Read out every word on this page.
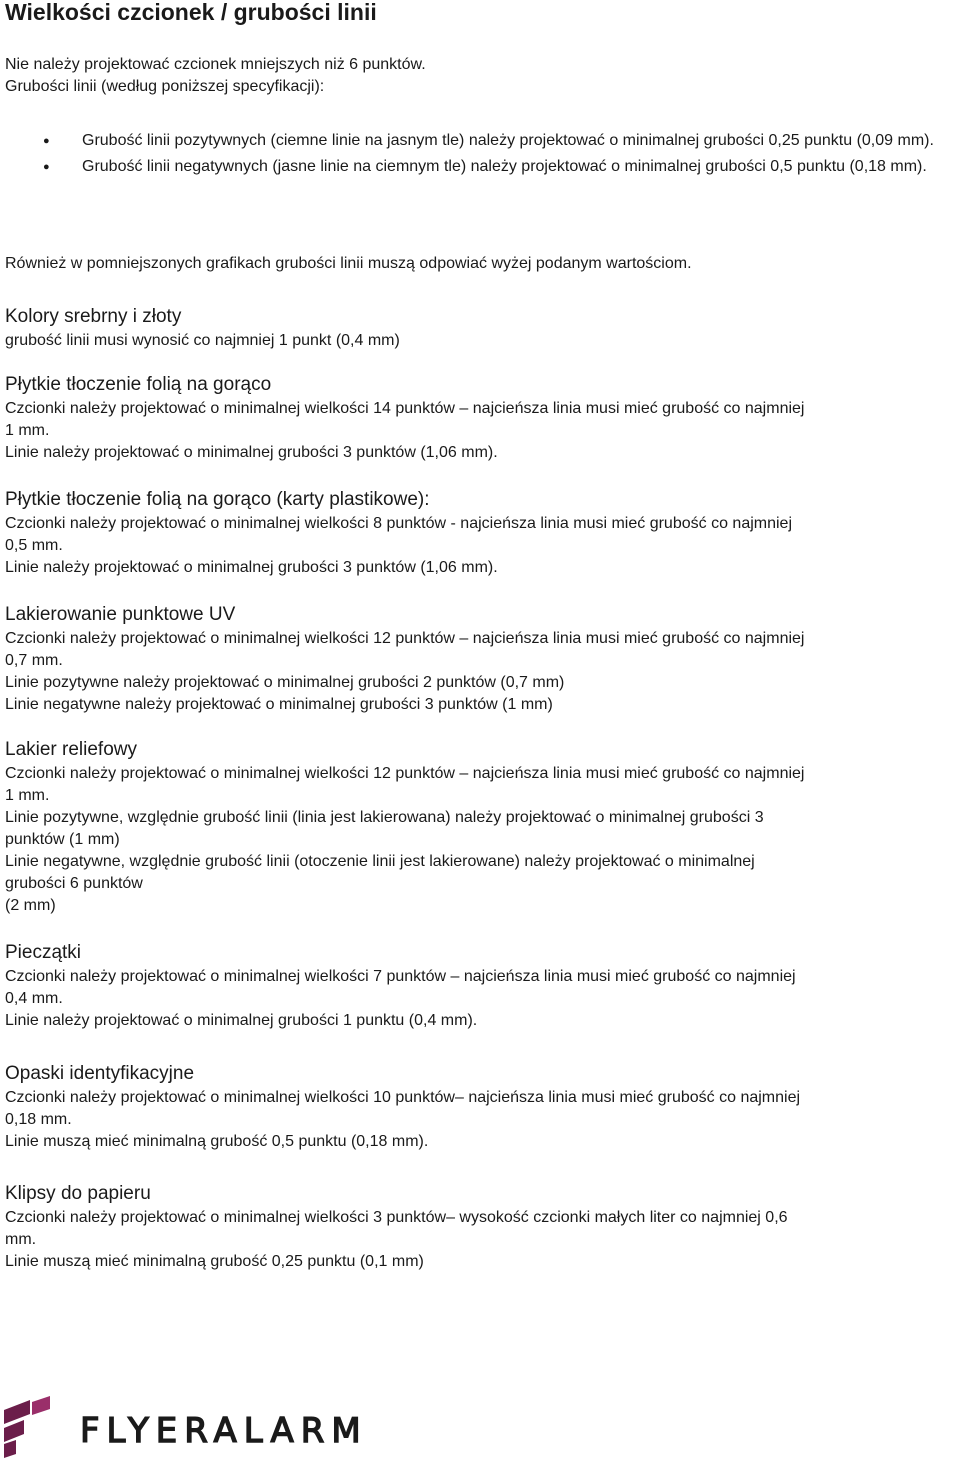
Wielkości czcionek / grubości linii

Nie należy projektować czcionek mniejszych niż 6 punktów.

Grubości linii (według poniższej specyfikacji):

● Grubość linii pozytywnych (ciemne linie na jasnym tle) należy projektować o minimalnej grubości 0,25 punktu (0,09 mm).
● Grubość linii negatywnych (jasne linie na ciemnym tle) należy projektować o minimalnej grubości 0,5 punktu (0,18 mm).

Również w pomniejszonych grafikach grubości linii muszą odpowiać wyżej podanym wartościom.

Kolory srebrny i złoty

grubość linii musi wynosić co najmniej 1 punkt (0,4 mm)

Płytkie tłoczenie folią na gorąco

Czcionki należy projektować o minimalnej wielkości 14 punktów – najcieńsza linia musi mieć grubość co najmniej

1 mm.

Linie należy projektować o minimalnej grubości 3 punktów (1,06 mm).

Płytkie tłoczenie folią na gorąco (karty plastikowe):

Czcionki należy projektować o minimalnej wielkości 8 punktów - najcieńsza linia musi mieć grubość co najmniej

0,5 mm.

Linie należy projektować o minimalnej grubości 3 punktów (1,06 mm).

Lakierowanie punktowe UV

Czcionki należy projektować o minimalnej wielkości 12 punktów – najcieńsza linia musi mieć grubość co najmniej

0,7 mm.

Linie pozytywne należy projektować o minimalnej grubości 2 punktów (0,7 mm)

Linie negatywne należy projektować o minimalnej grubości 3 punktów (1 mm)

Lakier reliefowy

Czcionki należy projektować o minimalnej wielkości 12 punktów – najcieńsza linia musi mieć grubość co najmniej

1 mm.

Linie pozytywne, względnie grubość linii (linia jest lakierowana) należy projektować o minimalnej grubości 3

punktów (1 mm)

Linie negatywne, względnie grubość linii (otoczenie linii jest lakierowane) należy projektować o minimalnej

grubości 6 punktów

(2 mm)

Pieczątki

Czcionki należy projektować o minimalnej wielkości 7 punktów – najcieńsza linia musi mieć grubość co najmniej

0,4 mm.

Linie należy projektować o minimalnej grubości 1 punktu (0,4 mm).

Opaski identyfikacyjne

Czcionki należy projektować o minimalnej wielkości 10 punktów– najcieńsza linia musi mieć grubość co najmniej

0,18 mm.

Linie muszą mieć minimalną grubość 0,5 punktu (0,18 mm).

Klipsy do papieru

Czcionki należy projektować o minimalnej wielkości 3 punktów– wysokość czcionki małych liter co najmniej 0,6

mm.

Linie muszą mieć minimalną grubość 0,25 punktu (0,1 mm)

FLYERALARM
